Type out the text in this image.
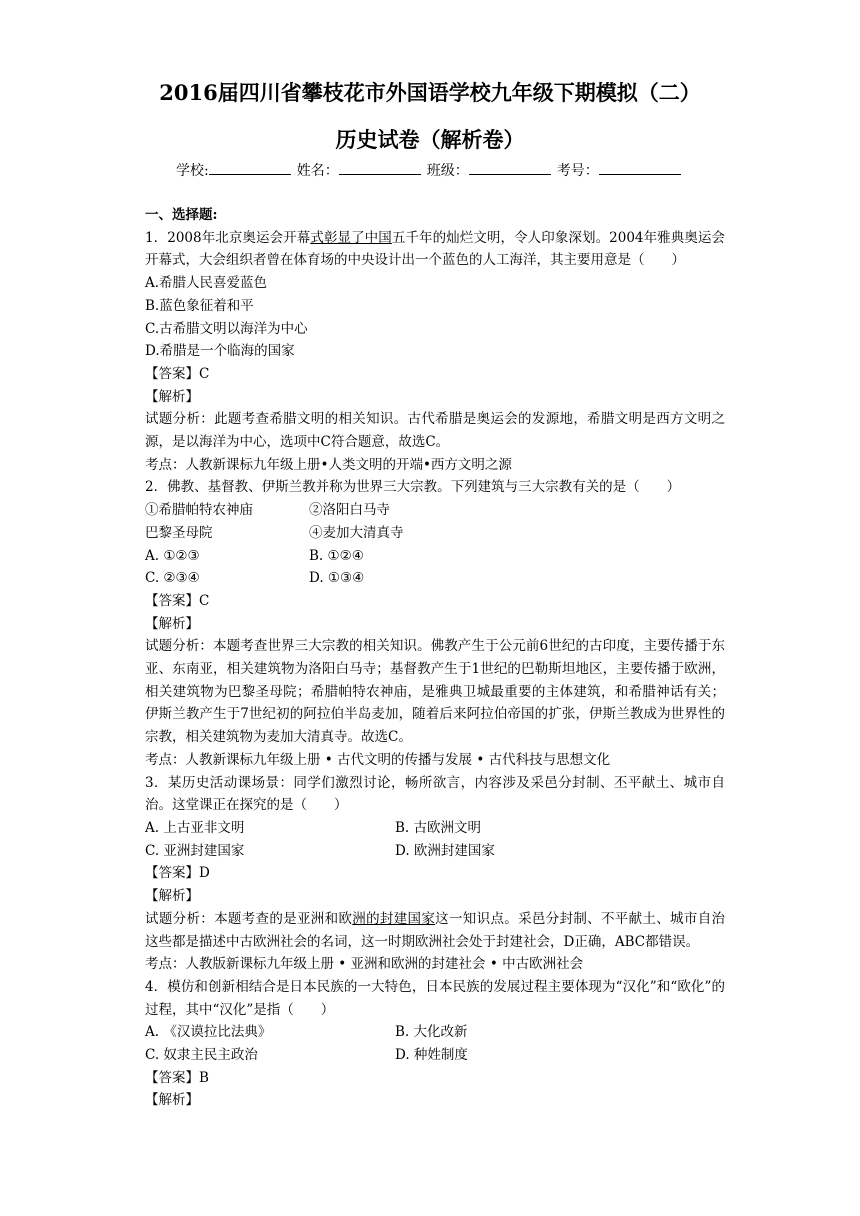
2016届四川省攀枝花市外国语学校九年级下期模拟（二）
历史试卷（解析卷）
学校:	姓名：	班级：	考号：

一、选择题:

1．2008年北京奥运会开幕式彰显了中国五千年的灿烂文明，令人印象深划。2004年雅典奥运会开幕式，大会组织者曾在体育场的中央设计出一个蓝色的人工海洋，其主要用意是（　　）

A.希腊人民喜爱蓝色

B.蓝色象征着和平

C.古希腊文明以海洋为中心

D.希腊是一个临海的国家

【答案】C

【解析】

试题分析：此题考查希腊文明的相关知识。古代希腊是奥运会的发源地，希腊文明是西方文明之源，是以海洋为中心，选项中C符合题意，故选C。

考点：人教新课标九年级上册•人类文明的开端•西方文明之源

2．佛教、基督教、伊斯兰教并称为世界三大宗教。下列建筑与三大宗教有关的是（　　）

①希腊帕特农神庙	②洛阳白马寺
巴黎圣母院	④麦加大清真寺
A. ①②③	B. ①②④
C. ②③④	D. ①③④

【答案】C

【解析】

试题分析：本题考查世界三大宗教的相关知识。佛教产生于公元前6世纪的古印度，主要传播于东亚、东南亚，相关建筑物为洛阳白马寺；基督教产生于1世纪的巴勒斯坦地区，主要传播于欧洲，相关建筑物为巴黎圣母院；希腊帕特农神庙，是雅典卫城最重要的主体建筑，和希腊神话有关；伊斯兰教产生于7世纪初的阿拉伯半岛麦加，随着后来阿拉伯帝国的扩张，伊斯兰教成为世界性的宗教，相关建筑物为麦加大清真寺。故选C。

考点：人教新课标九年级上册 • 古代文明的传播与发展 • 古代科技与思想文化

3．某历史活动课场景：同学们激烈讨论，畅所欲言，内容涉及采邑分封制、丕平献土、城市自治。这堂课正在探究的是（　　）

A. 上古亚非文明	B. 古欧洲文明
C. 亚洲封建国家	D. 欧洲封建国家

【答案】D

【解析】

试题分析：本题考查的是亚洲和欧洲的封建国家这一知识点。采邑分封制、不平献土、城市自治这些都是描述中古欧洲社会的名词，这一时期欧洲社会处于封建社会，D正确，ABC都错误。

考点：人教版新课标九年级上册 • 亚洲和欧洲的封建社会 • 中古欧洲社会

4．模仿和创新相结合是日本民族的一大特色，日本民族的发展过程主要体现为“汉化”和“欧化”的过程，其中“汉化”是指（　　）

A. 《汉谟拉比法典》	B. 大化改新
C. 奴隶主民主政治	D. 种姓制度

【答案】B

【解析】
